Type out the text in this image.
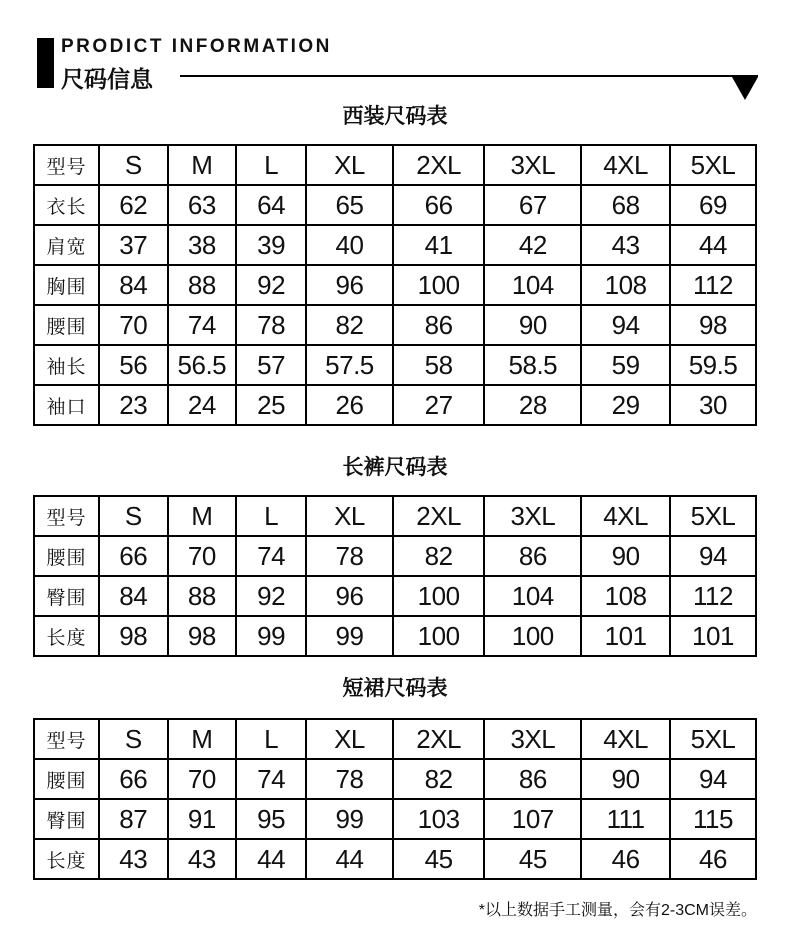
PRODICT INFORMATION
尺码信息
西装尺码表
型号	S	M	L	XL	2XL	3XL	4XL	5XL
衣长	62	63	64	65	66	67	68	69
肩宽	37	38	39	40	41	42	43	44
胸围	84	88	92	96	100	104	108	112
腰围	70	74	78	82	86	90	94	98
袖长	56	56.5	57	57.5	58	58.5	59	59.5
袖口	23	24	25	26	27	28	29	30
长裤尺码表
型号	S	M	L	XL	2XL	3XL	4XL	5XL
腰围	66	70	74	78	82	86	90	94
臀围	84	88	92	96	100	104	108	112
长度	98	98	99	99	100	100	101	101
短裙尺码表
型号	S	M	L	XL	2XL	3XL	4XL	5XL
腰围	66	70	74	78	82	86	90	94
臀围	87	91	95	99	103	107	111	115
长度	43	43	44	44	45	45	46	46

*以上数据手工测量，会有2-3CM误差。
